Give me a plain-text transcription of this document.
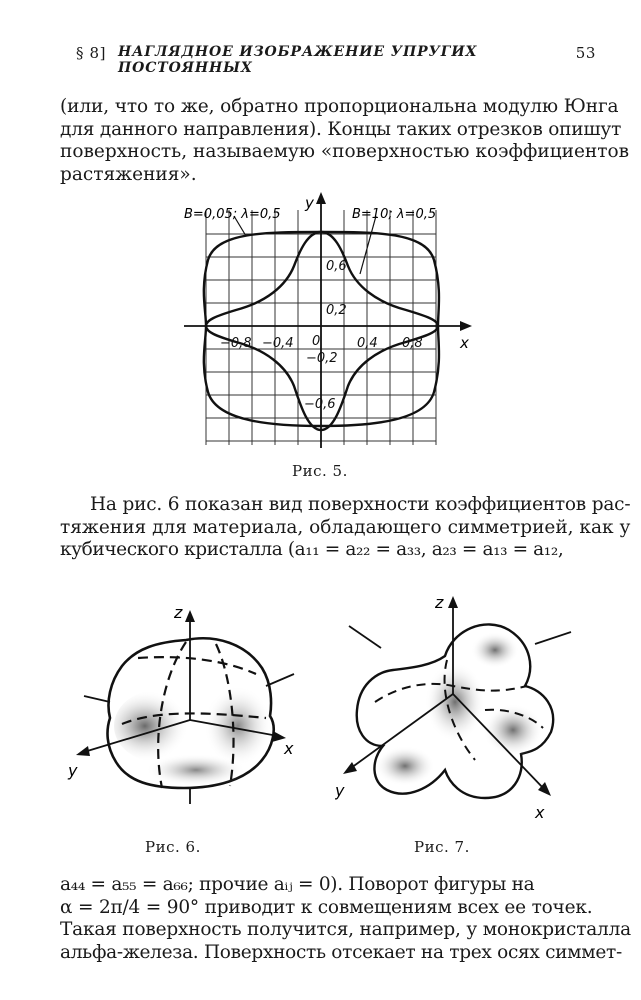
§ 8] НАГЛЯДНОЕ ИЗОБРАЖЕНИЕ УПРУГИХ ПОСТОЯННЫХ
53
(или, что то же, обратно пропорциональна модулю Юнга
для данного направления). Концы таких отрезков опишут
поверхность, называемую «поверхностью коэффициентов
растяжения».
B=0,05; λ=0,5	B=10; λ=0,5
y
x
−0,8 −0,4 0	0,4 0,8
0,6
0,2
−0,2
−0,6
Рис. 5.
На рис. 6 показан вид поверхности коэффициентов рас-
тяжения для материала, обладающего симметрией, как у
кубического кристалла (a₁₁ = a₂₂ = a₃₃, a₂₃ = a₁₃ = a₁₂,
z
y
x
Рис. 6.
z
y
x
Рис. 7.
a₄₄ = a₅₅ = a₆₆; прочие aᵢⱼ = 0). Поворот фигуры на
α = 2π/4 = 90° приводит к совмещениям всех ее точек.
Такая поверхность получится, например, у монокристалла
альфа-железа. Поверхность отсекает на трех осях симмет-
